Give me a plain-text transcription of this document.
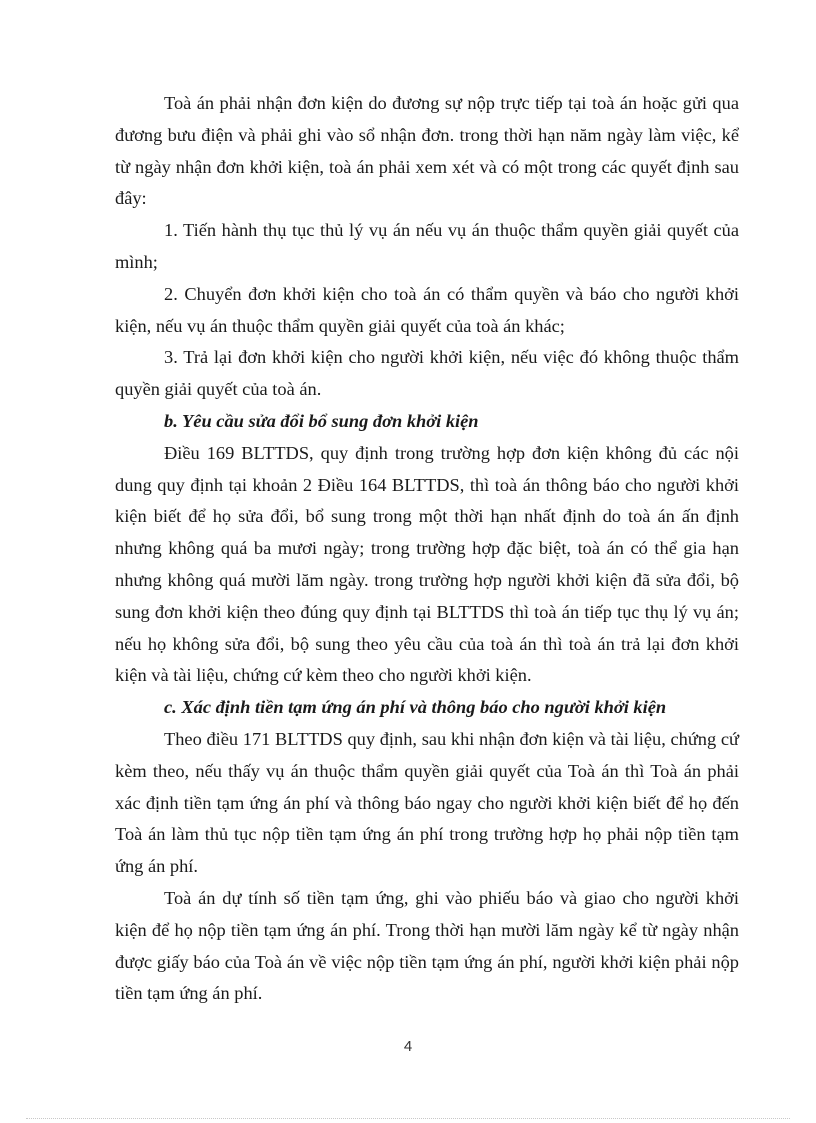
Toà án phải nhận đơn kiện do đương sự nộp trực tiếp tại toà án hoặc gửi qua đương bưu điện và phải ghi vào sổ nhận đơn. trong thời hạn năm ngày làm việc, kể từ ngày nhận đơn khởi kiện, toà án phải xem xét và có một trong các quyết định sau đây:

1. Tiến hành thụ tục thủ lý vụ án nếu vụ án thuộc thẩm quyền giải quyết của mình;

2. Chuyển đơn khởi kiện cho toà án có thẩm quyền và báo cho người khởi kiện, nếu vụ án thuộc thẩm quyền giải quyết của toà án khác;

3. Trả lại đơn khởi kiện cho người khởi kiện, nếu việc đó không thuộc thẩm quyền giải quyết của toà án.

b. Yêu cầu sửa đổi bổ sung đơn khởi kiện

Điều 169 BLTTDS, quy định trong trường hợp đơn kiện không đủ các nội dung quy định tại khoản 2 Điều 164 BLTTDS, thì toà án thông báo cho người khởi kiện biết để họ sửa đổi, bổ sung trong một thời hạn nhất định do toà án ấn định nhưng không quá ba mươi ngày; trong trường hợp đặc biệt, toà án có thể gia hạn nhưng không quá mười lăm ngày. trong trường hợp người khởi kiện đã sửa đổi, bộ sung đơn khởi kiện theo đúng quy định tại BLTTDS thì toà án tiếp tục thụ lý vụ án; nếu họ không sửa đổi, bộ sung theo yêu cầu của toà án thì toà án trả lại đơn khởi kiện và tài liệu, chứng cứ kèm theo cho người khởi kiện.

c. Xác định tiền tạm ứng án phí và thông báo cho người khởi kiện

Theo điều 171 BLTTDS quy định, sau khi nhận đơn kiện và tài liệu, chứng cứ kèm theo, nếu thấy vụ án thuộc thẩm quyền giải quyết của Toà án thì Toà án phải xác định tiền tạm ứng án phí và thông báo ngay cho người khởi kiện biết để họ đến Toà án làm thủ tục nộp tiền tạm ứng án phí trong trường hợp họ phải nộp tiền tạm ứng án phí.

Toà án dự tính số tiền tạm ứng, ghi vào phiếu báo và giao cho người khởi kiện để họ nộp tiền tạm ứng án phí. Trong thời hạn mười lăm ngày kể từ ngày nhận được giấy báo của Toà án về việc nộp tiền tạm ứng án phí, người khởi kiện phải nộp tiền tạm ứng án phí.

4
